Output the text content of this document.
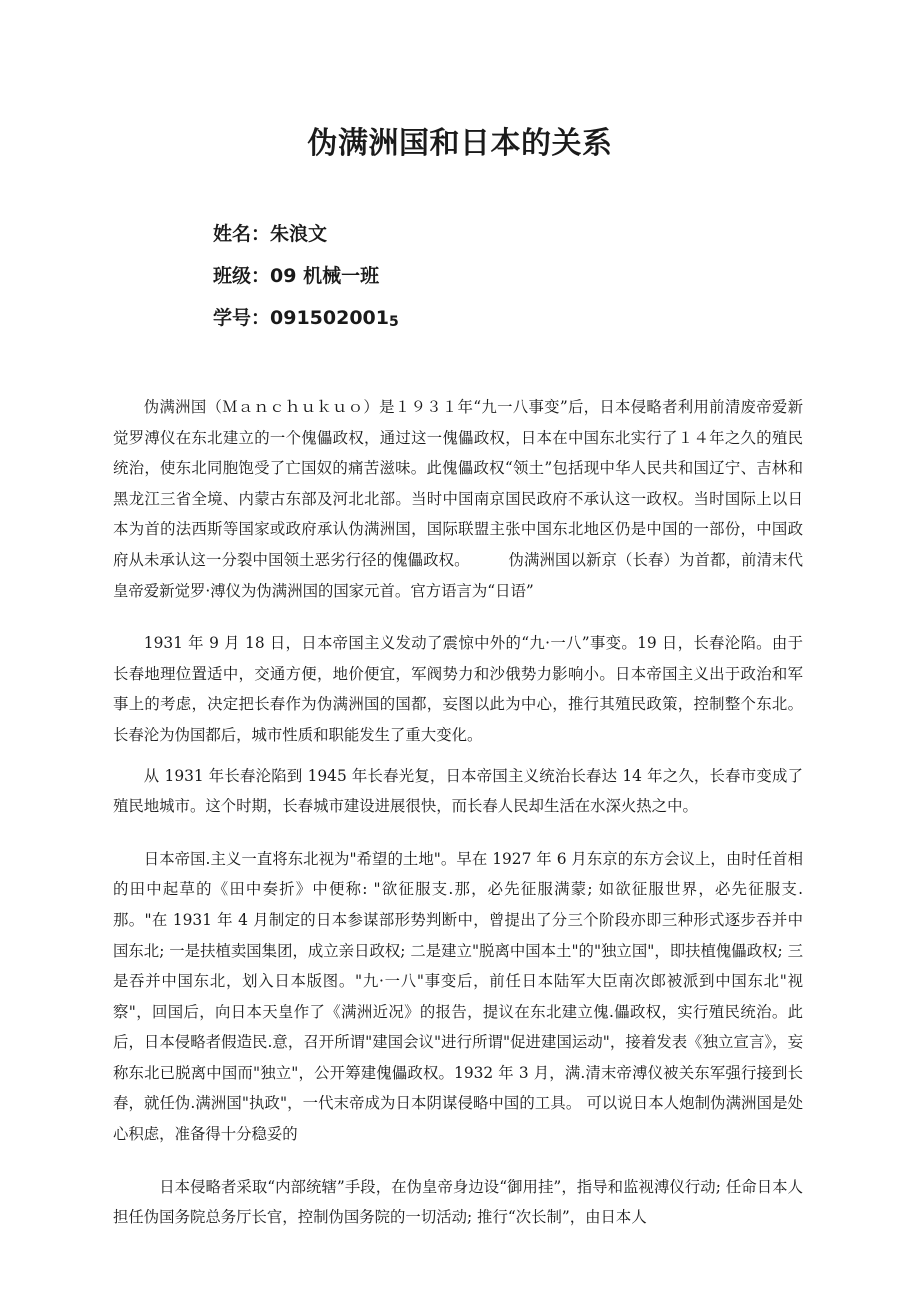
伪满洲国和日本的关系
姓名：朱浪文
班级：09 机械一班
学号：0915020015

伪满洲国（Ｍａｎｃｈｕｋｕｏ）是１９３１年“九一八事变”后，日本侵略者利用前清废帝爱新觉罗溥仪在东北建立的一个傀儡政权，通过这一傀儡政权，日本在中国东北实行了１４年之久的殖民统治，使东北同胞饱受了亡国奴的痛苦滋味。此傀儡政权“领土”包括现中华人民共和国辽宁、吉林和黑龙江三省全境、内蒙古东部及河北北部。当时中国南京国民政府不承认这一政权。当时国际上以日本为首的法西斯等国家或政府承认伪满洲国，国际联盟主张中国东北地区仍是中国的一部份，中国政府从未承认这一分裂中国领土恶劣行径的傀儡政权。　　　伪满洲国以新京（长春）为首都，前清末代皇帝爱新觉罗·溥仪为伪满洲国的国家元首。官方语言为“日语”

1931 年 9 月 18 日，日本帝国主义发动了震惊中外的“九·一八”事变。19 日，长春沦陷。由于长春地理位置适中，交通方便，地价便宜，军阀势力和沙俄势力影响小。日本帝国主义出于政治和军事上的考虑，决定把长春作为伪满洲国的国都，妄图以此为中心，推行其殖民政策，控制整个东北。长春沦为伪国都后，城市性质和职能发生了重大变化。

从 1931 年长春沦陷到 1945 年长春光复，日本帝国主义统治长春达 14 年之久，长春市变成了殖民地城市。这个时期，长春城市建设进展很快，而长春人民却生活在水深火热之中。

日本帝国.主义一直将东北视为"希望的土地"。早在 1927 年 6 月东京的东方会议上，由时任首相的田中起草的《田中奏折》中便称: "欲征服支.那，必先征服满蒙; 如欲征服世界，必先征服支.那。"在 1931 年 4 月制定的日本参谋部形势判断中，曾提出了分三个阶段亦即三种形式逐步吞并中国东北; 一是扶植卖国集团，成立亲日政权; 二是建立"脱离中国本土"的"独立国"，即扶植傀儡政权; 三是吞并中国东北，划入日本版图。"九·一八"事变后，前任日本陆军大臣南次郎被派到中国东北"视察"，回国后，向日本天皇作了《满洲近况》的报告，提议在东北建立傀.儡政权，实行殖民统治。此后，日本侵略者假造民.意，召开所谓"建国会议"进行所谓"促进建国运动"，接着发表《独立宣言》，妄称东北已脱离中国而"独立"，公开筹建傀儡政权。1932 年 3 月，满.清末帝溥仪被关东军强行接到长春，就任伪.满洲国"执政"，一代末帝成为日本阴谋侵略中国的工具。 可以说日本人炮制伪满洲国是处心积虑，准备得十分稳妥的

日本侵略者采取“内部统辖”手段，在伪皇帝身边设“御用挂”，指导和监视溥仪行动; 任命日本人担任伪国务院总务厅长官，控制伪国务院的一切活动; 推行“次长制”，由日本人
